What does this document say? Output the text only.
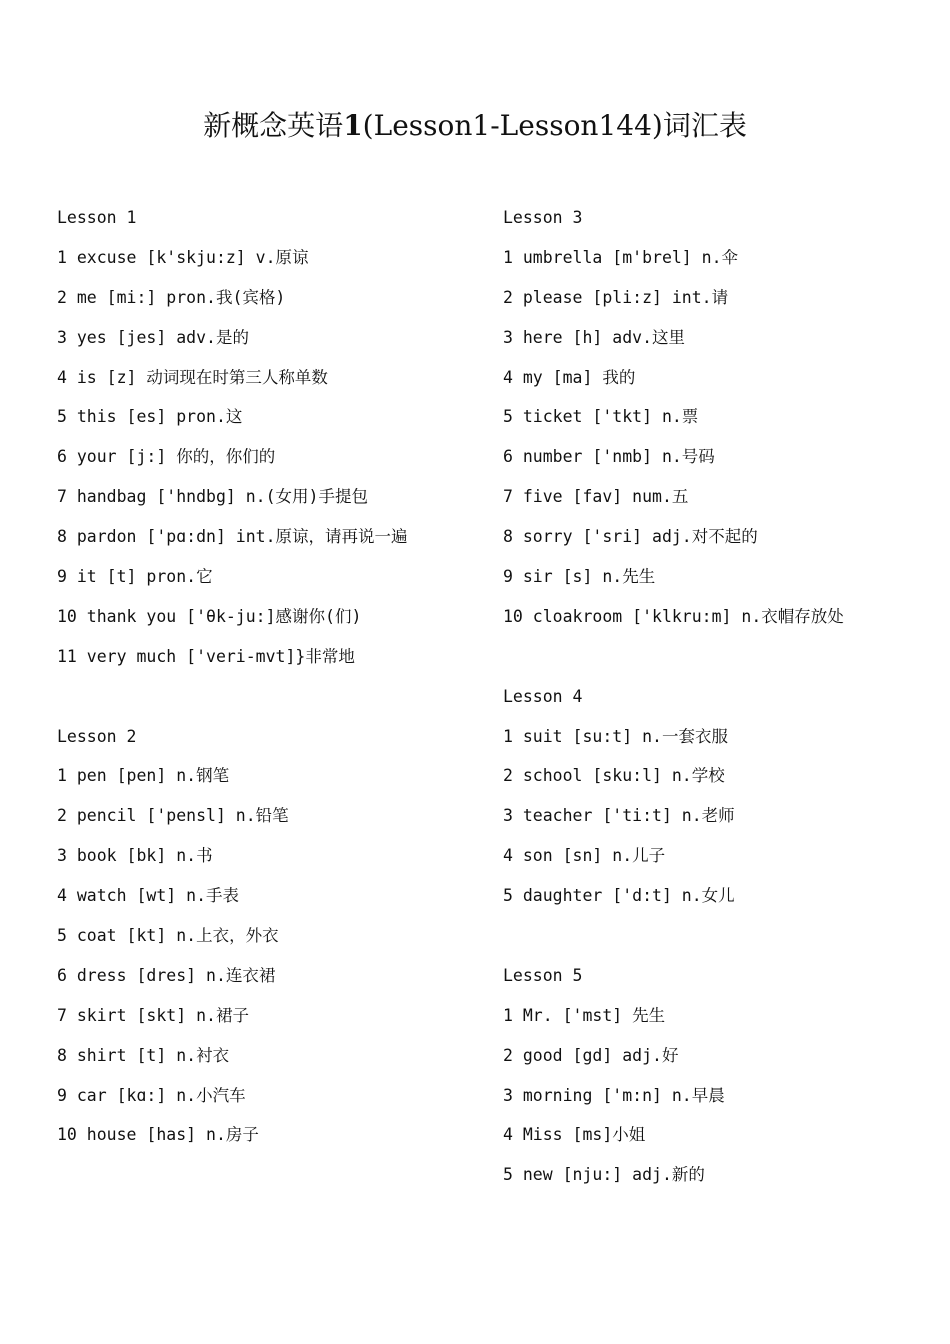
新概念英语1(Lesson1-Lesson144)词汇表
Lesson 1
1 excuse [k'skju:z] v.原谅
2 me [mi:] pron.我(宾格)
3 yes [jes] adv.是的
4 is [z] 动词现在时第三人称单数
5 this [es] pron.这
6 your [j:] 你的，你们的
7 handbag ['hndbg] n.(女用)手提包
8 pardon ['pɑ:dn] int.原谅，请再说一遍
9 it [t] pron.它
10 thank you ['θk-ju:]感谢你(们)
11 very much ['veri-mvt]}非常地
Lesson 2
1 pen [pen] n.钢笔
2 pencil ['pensl] n.铅笔
3 book [bk] n.书
4 watch [wt] n.手表
5 coat [kt] n.上衣，外衣
6 dress [dres] n.连衣裙
7 skirt [skt] n.裙子
8 shirt [t] n.衬衣
9 car [kɑ:] n.小汽车
10 house [has] n.房子
Lesson 3
1 umbrella [m'brel] n.伞
2 please [pli:z] int.请
3 here [h] adv.这里
4 my [ma] 我的
5 ticket ['tkt] n.票
6 number ['nmb] n.号码
7 five [fav] num.五
8 sorry ['sri] adj.对不起的
9 sir [s] n.先生
10 cloakroom ['klkru:m] n.衣帽存放处
Lesson 4
1 suit [su:t] n.一套衣服
2 school [sku:l] n.学校
3 teacher ['ti:t] n.老师
4 son [sn] n.儿子
5 daughter ['d:t] n.女儿
Lesson 5
1 Mr. ['mst] 先生
2 good [gd] adj.好
3 morning ['m:n] n.早晨
4 Miss [ms]小姐
5 new [nju:] adj.新的
